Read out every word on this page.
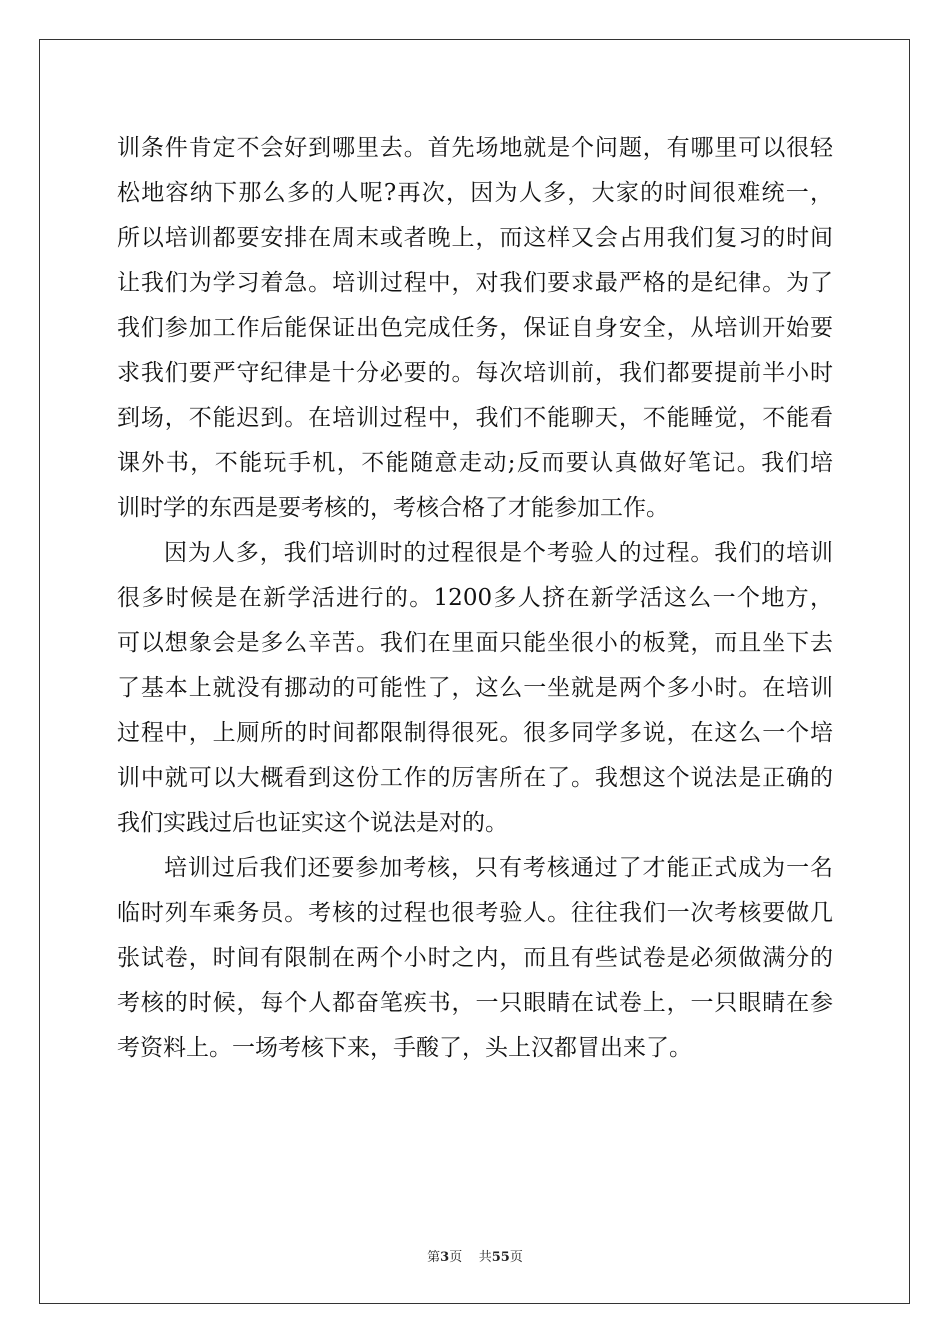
训条件肯定不会好到哪里去。首先场地就是个问题，有哪里可以很轻
松地容纳下那么多的人呢?再次，因为人多，大家的时间很难统一，
所以培训都要安排在周末或者晚上，而这样又会占用我们复习的时间
让我们为学习着急。培训过程中，对我们要求最严格的是纪律。为了
我们参加工作后能保证出色完成任务，保证自身安全，从培训开始要
求我们要严守纪律是十分必要的。每次培训前，我们都要提前半小时
到场，不能迟到。在培训过程中，我们不能聊天，不能睡觉，不能看
课外书，不能玩手机，不能随意走动;反而要认真做好笔记。我们培
训时学的东西是要考核的，考核合格了才能参加工作。
因为人多，我们培训时的过程很是个考验人的过程。我们的培训
很多时候是在新学活进行的。1200多人挤在新学活这么一个地方，
可以想象会是多么辛苦。我们在里面只能坐很小的板凳，而且坐下去
了基本上就没有挪动的可能性了，这么一坐就是两个多小时。在培训
过程中，上厕所的时间都限制得很死。很多同学多说，在这么一个培
训中就可以大概看到这份工作的厉害所在了。我想这个说法是正确的
我们实践过后也证实这个说法是对的。
培训过后我们还要参加考核，只有考核通过了才能正式成为一名
临时列车乘务员。考核的过程也很考验人。往往我们一次考核要做几
张试卷，时间有限制在两个小时之内，而且有些试卷是必须做满分的
考核的时候，每个人都奋笔疾书，一只眼睛在试卷上，一只眼睛在参
考资料上。一场考核下来，手酸了，头上汉都冒出来了。
第3页 共55页
